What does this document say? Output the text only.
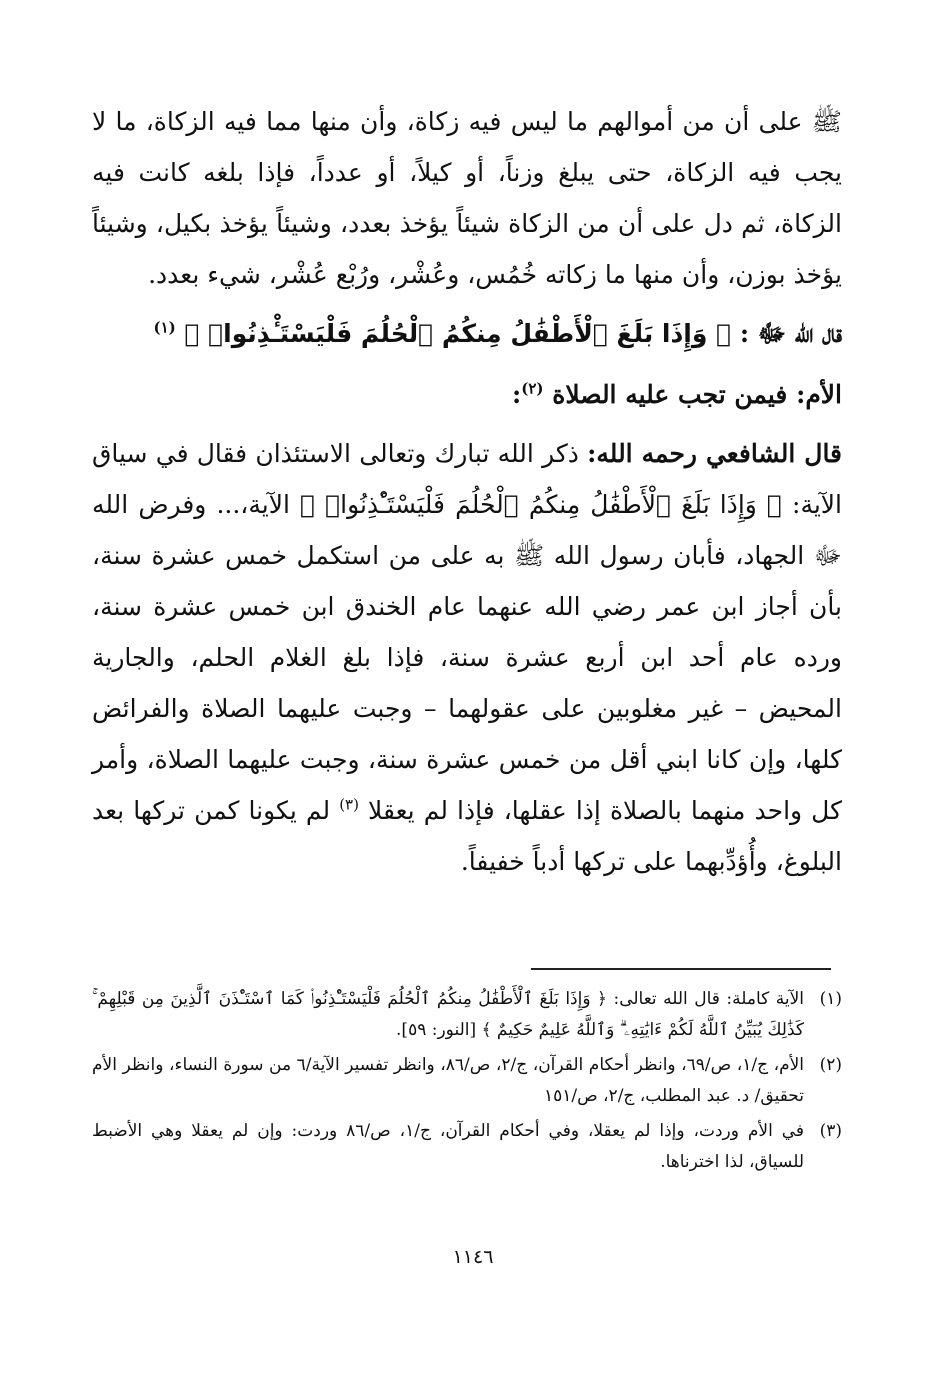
ﷺ على أن من أموالهم ما ليس فيه زكاة، وأن منها مما فيه الزكاة، ما لا يجب فيه الزكاة، حتى يبلغ وزناً، أو كيلاً، أو عدداً، فإذا بلغه كانت فيه الزكاة، ثم دل على أن من الزكاة شيئاً يؤخذ بعدد، وشيئاً يؤخذ بكيل، وشيئاً يؤخذ بوزن، وأن منها ما زكاته خُمُس، وعُشْر، ورُبْع عُشْر، شيء بعدد.

قال الله ﷻ : ﴿ وَإِذَا بَلَغَ ٱلْأَطْفَٰلُ مِنكُمُ ٱلْحُلُمَ فَلْيَسْتَـْٔذِنُوا۟ ﴾ $^{(١)}$

الأم: فيمن تجب عليه الصلاة $^{(٢)}$:

قال الشافعي رحمه الله: ذكر الله تبارك وتعالى الاستئذان فقال في سياق الآية: ﴿ وَإِذَا بَلَغَ ٱلْأَطْفَٰلُ مِنكُمُ ٱلْحُلُمَ فَلْيَسْتَـْٔذِنُوا۟ ﴾ الآية،... وفرض الله ﷻ الجهاد، فأبان رسول الله ﷺ به على من استكمل خمس عشرة سنة، بأن أجاز ابن عمر رضي الله عنهما عام الخندق ابن خمس عشرة سنة، ورده عام أحد ابن أربع عشرة سنة، فإذا بلغ الغلام الحلم، والجارية المحيض – غير مغلوبين على عقولهما – وجبت عليهما الصلاة والفرائض كلها، وإن كانا ابني أقل من خمس عشرة سنة، وجبت عليهما الصلاة، وأمر كل واحد منهما بالصلاة إذا عقلها، فإذا لم يعقلا $^{(٣)}$ لم يكونا كمن تركها بعد البلوغ، وأُؤدِّبهما على تركها أدباً خفيفاً.

(١)
الآية كاملة: قال الله تعالى: ﴿ وَإِذَا بَلَغَ ٱلْأَطْفَٰلُ مِنكُمُ ٱلْحُلُمَ فَلْيَسْتَـْٔذِنُوا۟ كَمَا ٱسْتَـْٔذَنَ ٱلَّذِينَ مِن قَبْلِهِمْ ۚ كَذَٰلِكَ يُبَيِّنُ ٱللَّهُ لَكُمْ ءَايَٰتِهِۦ ۗ وَٱللَّهُ عَلِيمٌ حَكِيمٌ ﴾ [النور: ٥٩].
(٢)
الأم، ج/١، ص/٦٩، وانظر أحكام القرآن، ج/٢، ص/٨٦، وانظر تفسير الآية/٦ من سورة النساء، وانظر الأم تحقيق/ د. عبد المطلب، ج/٢، ص/١٥١
(٣)
في الأم وردت، وإذا لم يعقلا، وفي أحكام القرآن، ج/١، ص/٨٦ وردت: وإن لم يعقلا وهي الأضبط للسياق، لذا اخترناها.
١١٤٦
